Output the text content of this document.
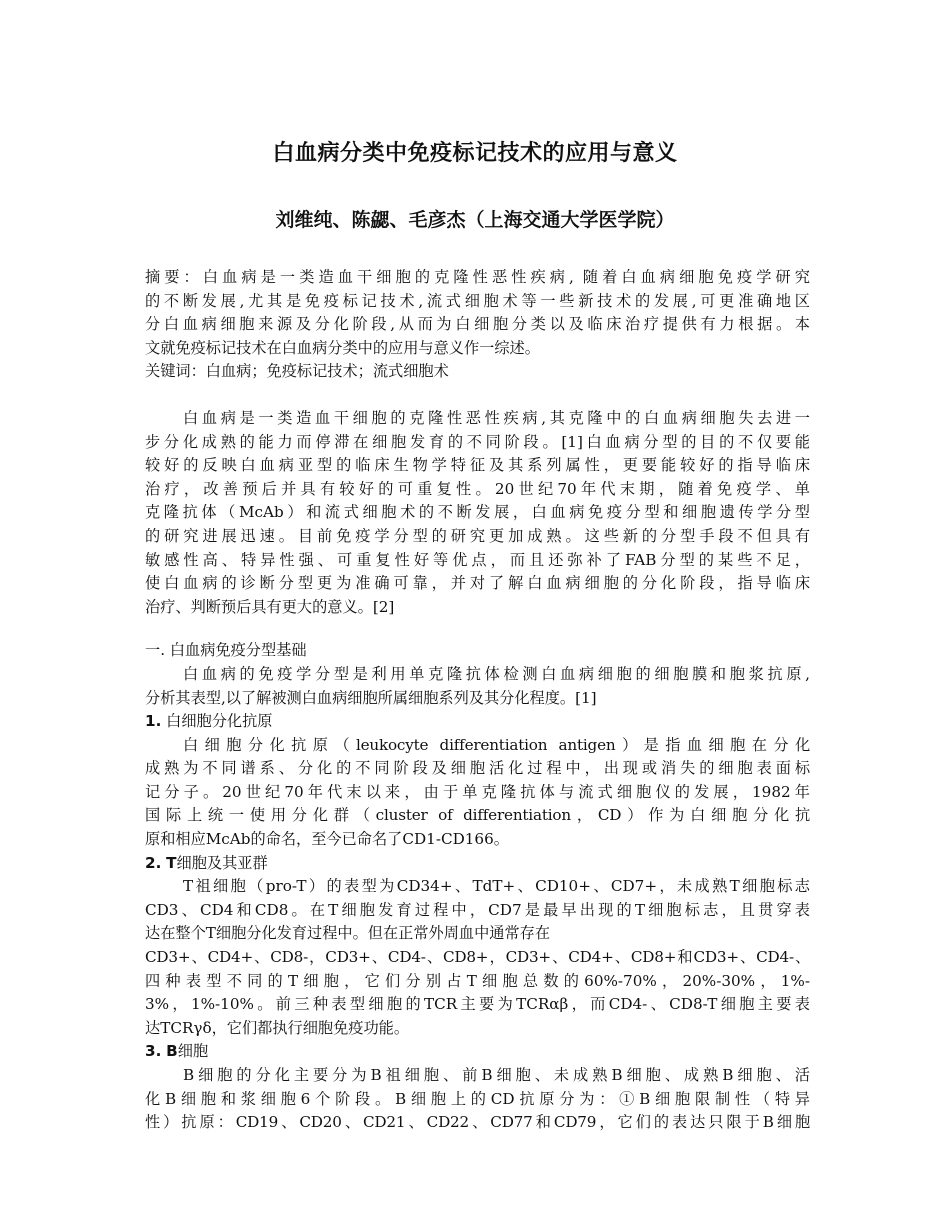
白血病分类中免疫标记技术的应用与意义
刘维纯、陈勰、毛彦杰（上海交通大学医学院）
摘要：白血病是一类造血干细胞的克隆性恶性疾病, 随着白血病细胞免疫学研究
的不断发展,尤其是免疫标记技术,流式细胞术等一些新技术的发展,可更准确地区
分白血病细胞来源及分化阶段,从而为白细胞分类以及临床治疗提供有力根据。本
文就免疫标记技术在白血病分类中的应用与意义作一综述。
关键词：白血病；免疫标记技术；流式细胞术
白血病是一类造血干细胞的克隆性恶性疾病,其克隆中的白血病细胞失去进一
步分化成熟的能力而停滞在细胞发育的不同阶段。[1]白血病分型的目的不仅要能
较好的反映白血病亚型的临床生物学特征及其系列属性，更要能较好的指导临床
治疗，改善预后并具有较好的可重复性。20世纪70年代末期，随着免疫学、单
克隆抗体（McAb）和流式细胞术的不断发展，白血病免疫分型和细胞遗传学分型
的研究进展迅速。目前免疫学分型的研究更加成熟。这些新的分型手段不但具有
敏感性高、特异性强、可重复性好等优点，而且还弥补了FAB分型的某些不足，
使白血病的诊断分型更为准确可靠，并对了解白血病细胞的分化阶段，指导临床
治疗、判断预后具有更大的意义。[2]
一. 白血病免疫分型基础
白血病的免疫学分型是利用单克隆抗体检测白血病细胞的细胞膜和胞浆抗原,
分析其表型,以了解被测白血病细胞所属细胞系列及其分化程度。[1]
1. 白细胞分化抗原
白细胞分化抗原（leukocyte differentiation antigen）是指血细胞在分化
成熟为不同谱系、分化的不同阶段及细胞活化过程中，出现或消失的细胞表面标
记分子。20世纪70年代末以来，由于单克隆抗体与流式细胞仪的发展，1982年
国际上统一使用分化群（cluster of differentiation，CD）作为白细胞分化抗
原和相应McAb的命名，至今已命名了CD1-CD166。
2. T细胞及其亚群
T祖细胞（pro-T）的表型为CD34+、TdT+、CD10+、CD7+，未成熟T细胞标志
CD3、CD4和CD8。在T细胞发育过程中，CD7是最早出现的T细胞标志，且贯穿表
达在整个T细胞分化发育过程中。但在正常外周血中通常存在
CD3+、CD4+、CD8-，CD3+、CD4-、CD8+，CD3+、CD4+、CD8+和CD3+、CD4-、
四种表型不同的T细胞，它们分别占T细胞总数的60%-70%，20%-30%，1%-
3%，1%-10%。前三种表型细胞的TCR主要为TCRαβ，而CD4-、CD8-T细胞主要表
达TCRγδ，它们都执行细胞免疫功能。
3. B细胞
B细胞的分化主要分为B祖细胞、前B细胞、未成熟B细胞、成熟B细胞、活
化B细胞和浆细胞6个阶段。B细胞上的CD抗原分为：①B细胞限制性（特异
性）抗原：CD19、CD20、CD21、CD22、CD77和CD79，它们的表达只限于B细胞
